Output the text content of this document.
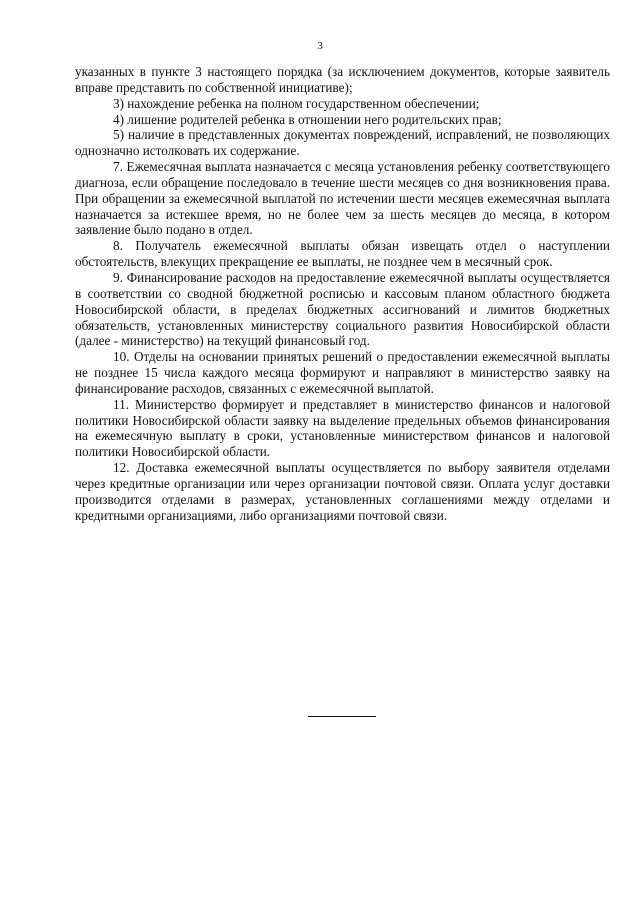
3

указанных в пункте 3 настоящего порядка (за исключением документов, которые заявитель вправе представить по собственной инициативе);

3) нахождение ребенка на полном государственном обеспечении;

4) лишение родителей ребенка в отношении него родительских прав;

5) наличие в представленных документах повреждений, исправлений, не позволяющих однозначно истолковать их содержание.

7. Ежемесячная выплата назначается с месяца установления ребенку соответствующего диагноза, если обращение последовало в течение шести месяцев со дня возникновения права. При обращении за ежемесячной выплатой по истечении шести месяцев ежемесячная выплата назначается за истекшее время, но не более чем за шесть месяцев до месяца, в котором заявление было подано в отдел.

8. Получатель ежемесячной выплаты обязан извещать отдел о наступлении обстоятельств, влекущих прекращение ее выплаты, не позднее чем в месячный срок.

9. Финансирование расходов на предоставление ежемесячной выплаты осуществляется в соответствии со сводной бюджетной росписью и кассовым планом областного бюджета Новосибирской области, в пределах бюджетных ассигнований и лимитов бюджетных обязательств, установленных министерству социального развития Новосибирской области (далее - министерство) на текущий финансовый год.

10. Отделы на основании принятых решений о предоставлении ежемесячной выплаты не позднее 15 числа каждого месяца формируют и направляют в министерство заявку на финансирование расходов, связанных с ежемесячной выплатой.

11. Министерство формирует и представляет в министерство финансов и налоговой политики Новосибирской области заявку на выделение предельных объемов финансирования на ежемесячную выплату в сроки, установленные министерством финансов и налоговой политики Новосибирской области.

12. Доставка ежемесячной выплаты осуществляется по выбору заявителя отделами через кредитные организации или через организации почтовой связи. Оплата услуг доставки производится отделами в размерах, установленных соглашениями между отделами и кредитными организациями, либо организациями почтовой связи.
